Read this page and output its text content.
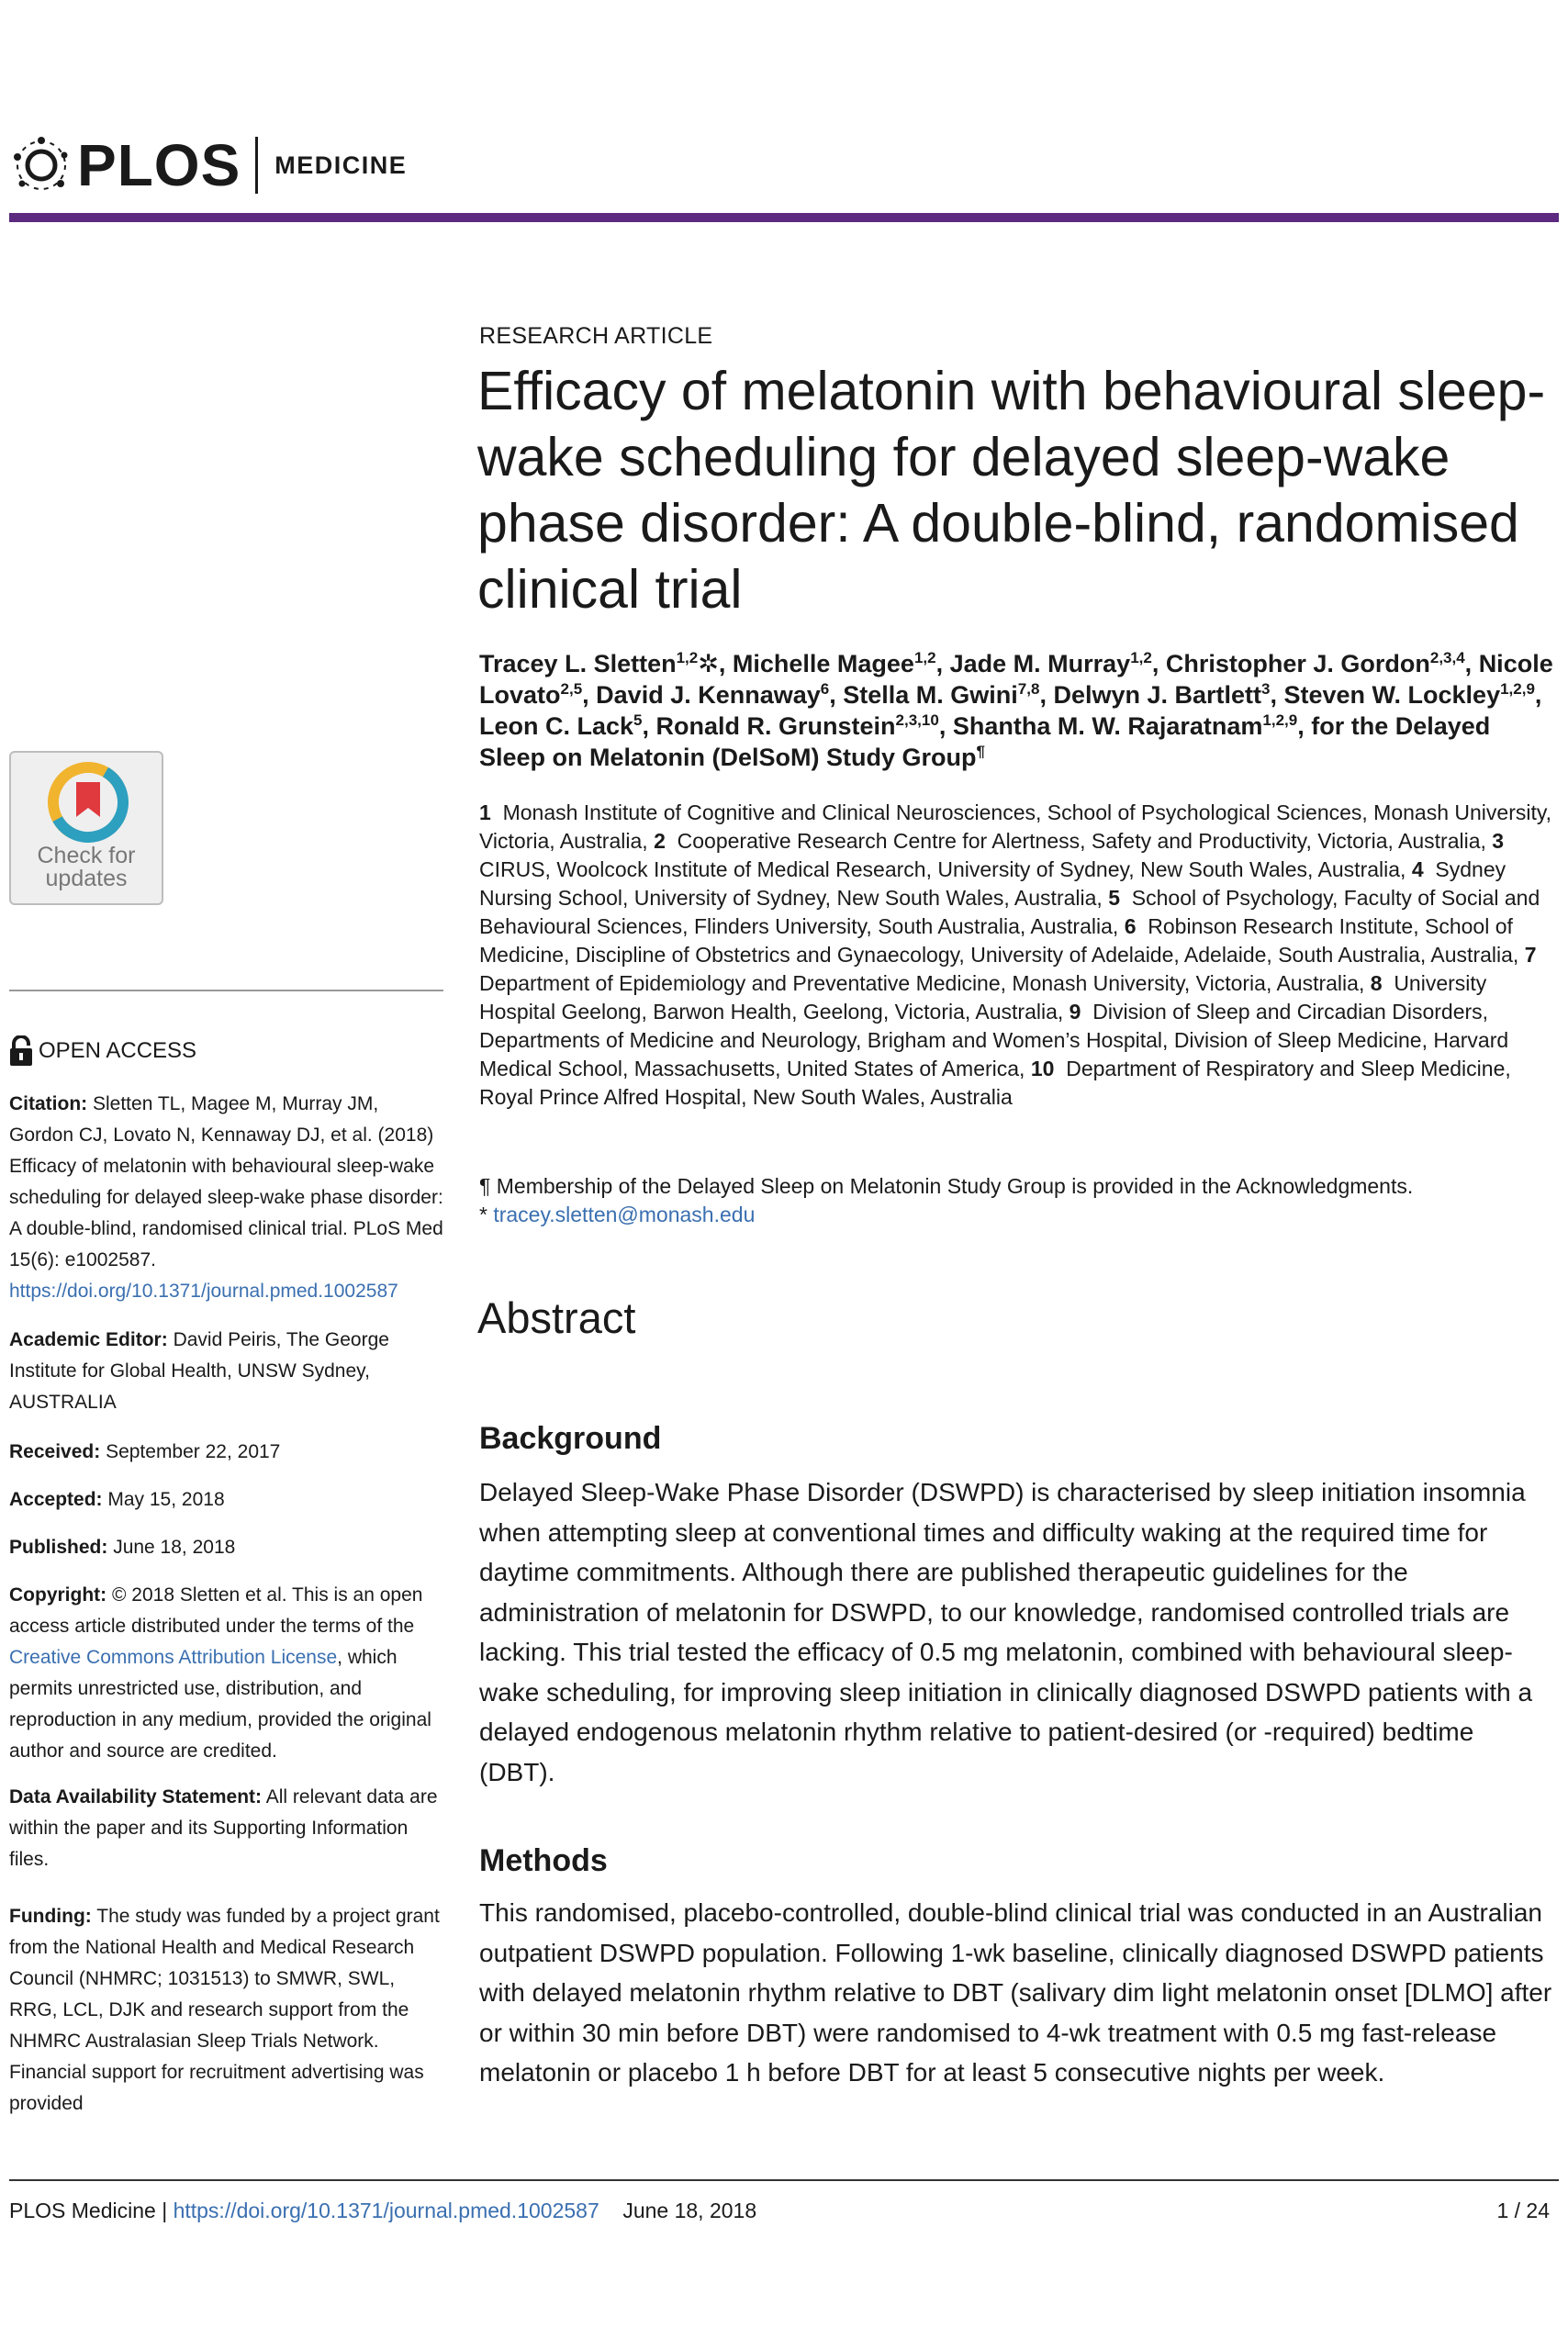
PLOS MEDICINE
RESEARCH ARTICLE
Efficacy of melatonin with behavioural sleep-wake scheduling for delayed sleep-wake phase disorder: A double-blind, randomised clinical trial
Tracey L. Sletten$^{1,2}$✲, Michelle Magee$^{1,2}$, Jade M. Murray$^{1,2}$, Christopher J. Gordon$^{2,3,4}$, Nicole Lovato$^{2,5}$, David J. Kennaway$^6$, Stella M. Gwini$^{7,8}$, Delwyn J. Bartlett$^3$, Steven W. Lockley$^{1,2,9}$, Leon C. Lack$^5$, Ronald R. Grunstein$^{2,3,10}$, Shantha M. W. Rajaratnam$^{1,2,9}$, for the Delayed Sleep on Melatonin (DelSoM) Study Group¶
1 Monash Institute of Cognitive and Clinical Neurosciences, School of Psychological Sciences, Monash University, Victoria, Australia, 2 Cooperative Research Centre for Alertness, Safety and Productivity, Victoria, Australia, 3  CIRUS, Woolcock Institute of Medical Research, University of Sydney, New South Wales, Australia, 4 Sydney Nursing School, University of Sydney, New South Wales, Australia, 5 School of Psychology, Faculty of Social and Behavioural Sciences, Flinders University, South Australia, Australia, 6 Robinson Research Institute, School of Medicine, Discipline of Obstetrics and Gynaecology, University of Adelaide, Adelaide, South Australia, Australia, 7  Department of Epidemiology and Preventative Medicine, Monash University, Victoria, Australia, 8 University Hospital Geelong, Barwon Health, Geelong, Victoria, Australia, 9 Division of Sleep and Circadian Disorders, Departments of Medicine and Neurology, Brigham and Women’s Hospital, Division of Sleep Medicine, Harvard Medical School, Massachusetts, United States of America, 10 Department of Respiratory and Sleep Medicine, Royal Prince Alfred Hospital, New South Wales, Australia
¶ Membership of the Delayed Sleep on Melatonin Study Group is provided in the Acknowledgments.
* tracey.sletten@monash.edu
Abstract
Background
Delayed Sleep-Wake Phase Disorder (DSWPD) is characterised by sleep initiation insomnia when attempting sleep at conventional times and difficulty waking at the required time for daytime commitments. Although there are published therapeutic guidelines for the administration of melatonin for DSWPD, to our knowledge, randomised controlled trials are lacking. This trial tested the efficacy of 0.5 mg melatonin, combined with behavioural sleep-wake scheduling, for improving sleep initiation in clinically diagnosed DSWPD patients with a delayed endogenous melatonin rhythm relative to patient-desired (or -required) bedtime (DBT).
Methods
This randomised, placebo-controlled, double-blind clinical trial was conducted in an Australian outpatient DSWPD population. Following 1-wk baseline, clinically diagnosed DSWPD patients with delayed melatonin rhythm relative to DBT (salivary dim light melatonin onset [DLMO] after or within 30 min before DBT) were randomised to 4-wk treatment with 0.5 mg fast-release melatonin or placebo 1 h before DBT for at least 5 consecutive nights per week.
Check for updates
OPEN ACCESS
Citation: Sletten TL, Magee M, Murray JM, Gordon CJ, Lovato N, Kennaway DJ, et al. (2018) Efficacy of melatonin with behavioural sleep-wake scheduling for delayed sleep-wake phase disorder: A double-blind, randomised clinical trial. PLoS Med 15(6): e1002587. https://doi.org/10.1371/journal.pmed.1002587
Academic Editor: David Peiris, The George Institute for Global Health, UNSW Sydney, AUSTRALIA
Received: September 22, 2017
Accepted: May 15, 2018
Published: June 18, 2018
Copyright: © 2018 Sletten et al. This is an open access article distributed under the terms of the Creative Commons Attribution License, which permits unrestricted use, distribution, and reproduction in any medium, provided the original author and source are credited.
Data Availability Statement: All relevant data are within the paper and its Supporting Information files.
Funding: The study was funded by a project grant from the National Health and Medical Research Council (NHMRC; 1031513) to SMWR, SWL, RRG, LCL, DJK and research support from the NHMRC Australasian Sleep Trials Network. Financial support for recruitment advertising was provided
PLOS Medicine | https://doi.org/10.1371/journal.pmed.1002587 June 18, 2018	1 / 24
